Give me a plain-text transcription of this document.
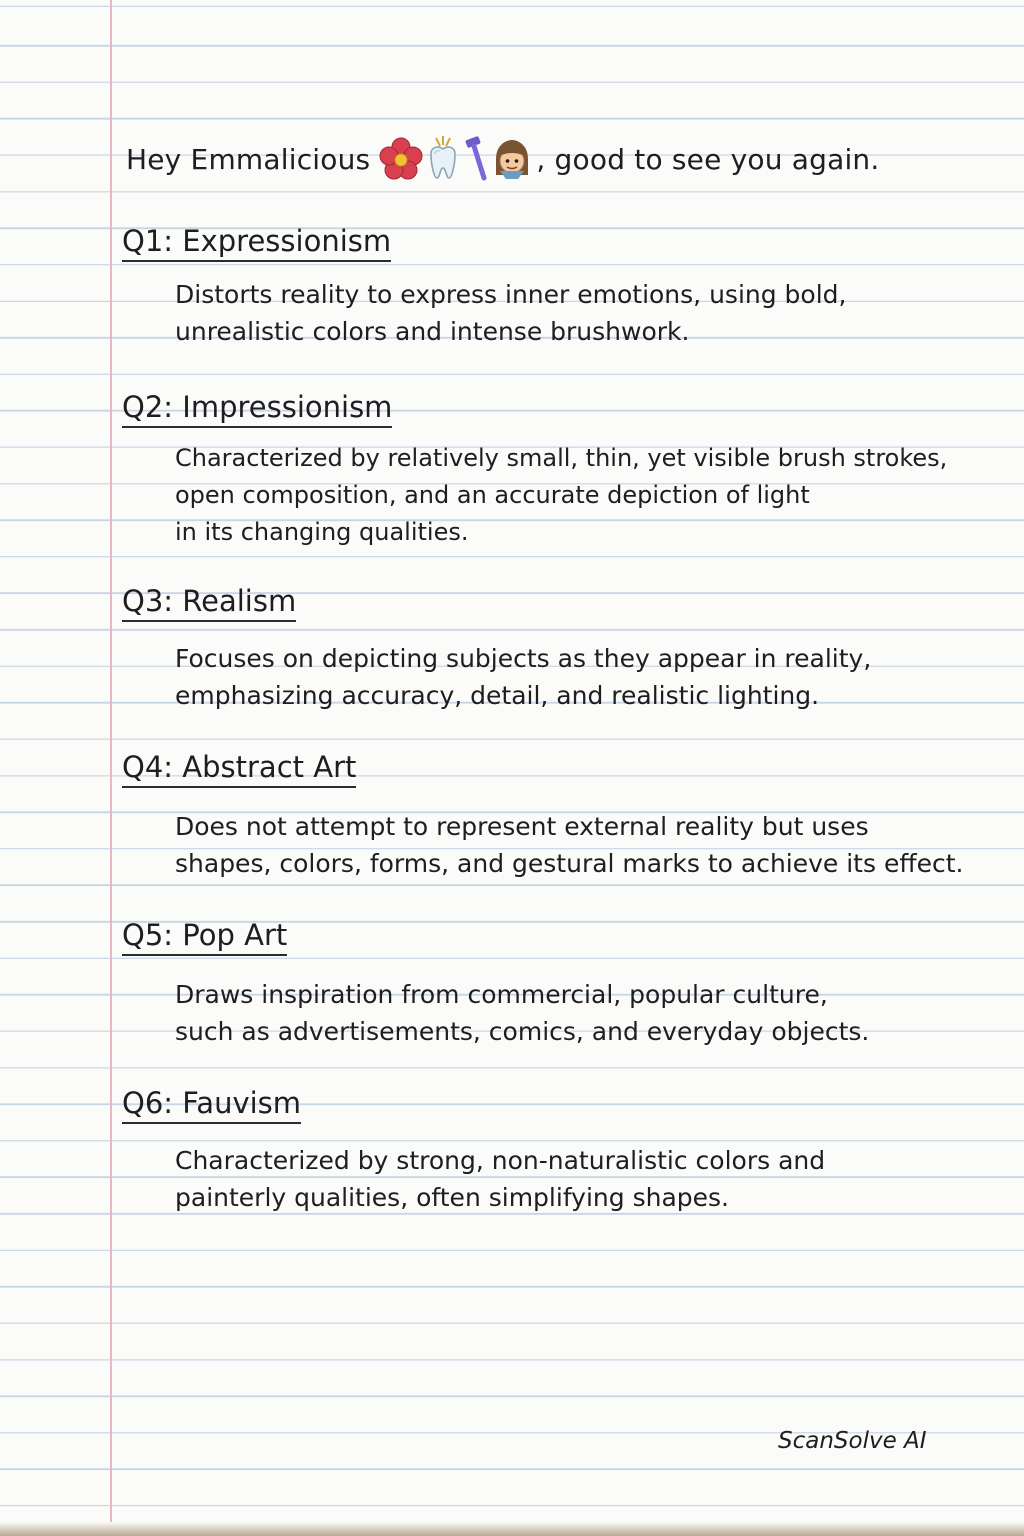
Hey Emmalicious	, good to see you again.
Q1: Expressionism
Distorts reality to express inner emotions, using bold,
unrealistic colors and intense brushwork.
Q2: Impressionism
Characterized by relatively small, thin, yet visible brush strokes,
open composition, and an accurate depiction of light
in its changing qualities.
Q3: Realism
Focuses on depicting subjects as they appear in reality,
emphasizing accuracy, detail, and realistic lighting.
Q4: Abstract Art
Does not attempt to represent external reality but uses
shapes, colors, forms, and gestural marks to achieve its effect.
Q5: Pop Art
Draws inspiration from commercial, popular culture,
such as advertisements, comics, and everyday objects.
Q6: Fauvism
Characterized by strong, non-naturalistic colors and
painterly qualities, often simplifying shapes.
ScanSolve AI
